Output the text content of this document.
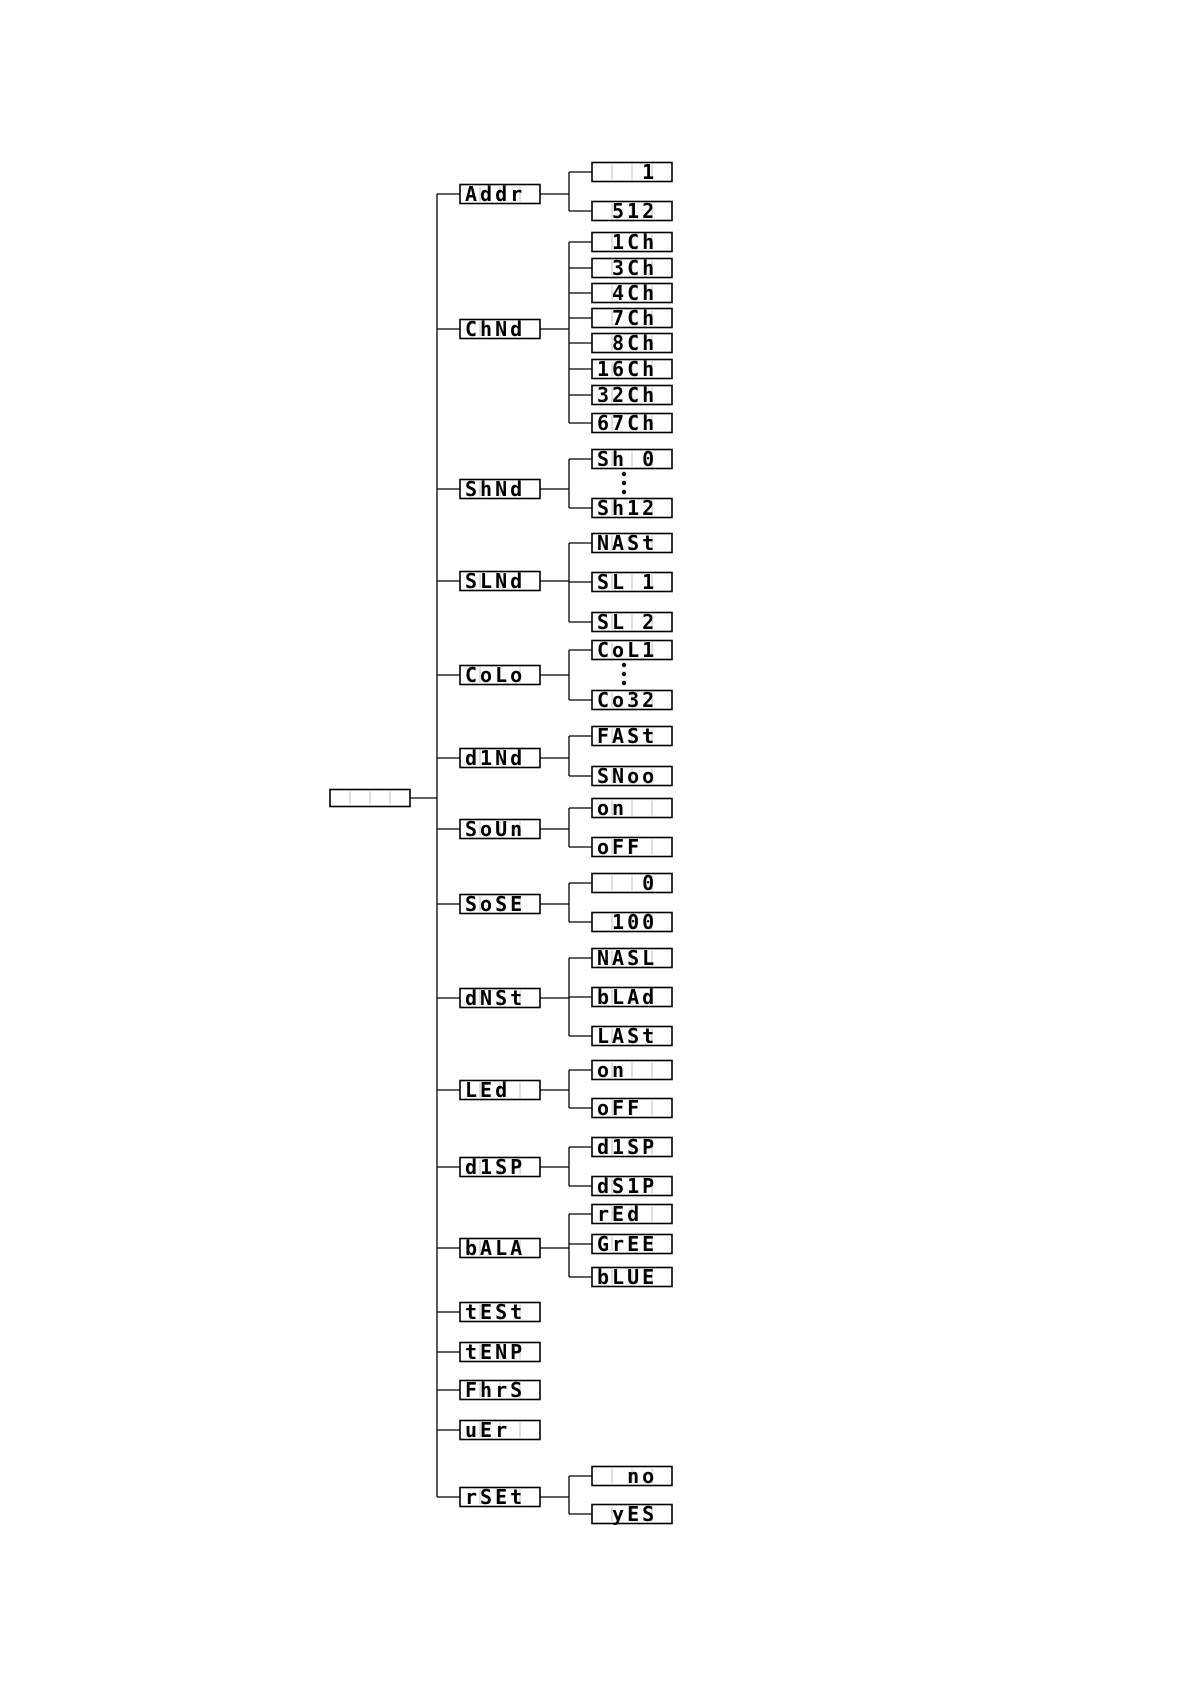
Addr
1
512
ChNd
1Ch
3Ch
4Ch
7Ch
8Ch
16Ch
32Ch
67Ch
ShNd
Sh 0
Sh12
SLNd
NASt
SL 1
SL 2
CoLo
CoL1
Co32
d1Nd
FASt
SNoo
SoUn
on
oFF
SoSE
0
100
dNSt
NASL
bLAd
LASt
LEd
on
oFF
d1SP
d1SP
dS1P
bALA
rEd
GrEE
bLUE
tESt
tENP
FhrS
uEr
rSEt
no
yES
